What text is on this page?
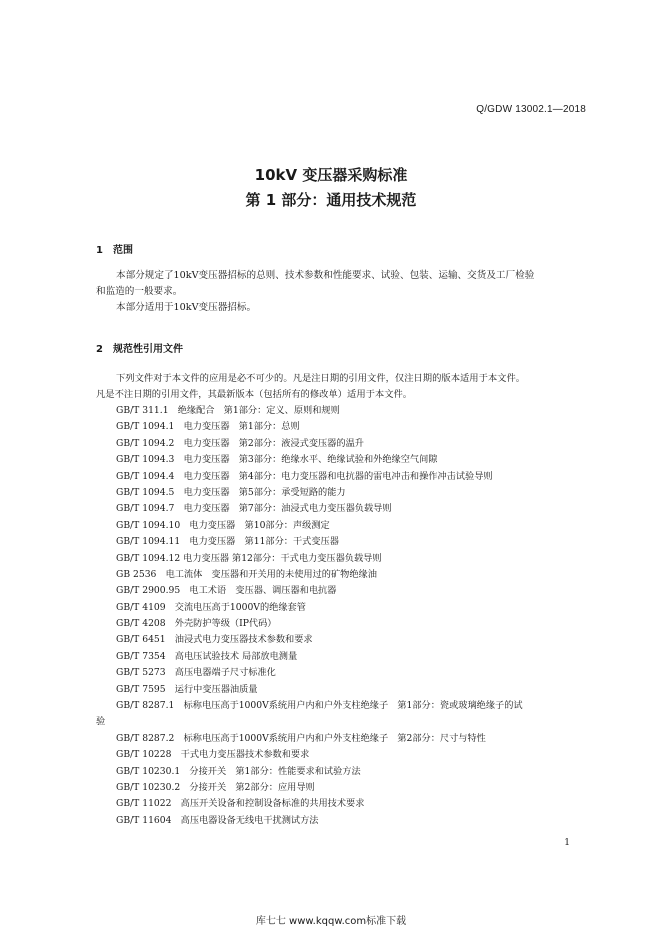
Q/GDW 13002.1—2018
10kV 变压器采购标准
第 1 部分：通用技术规范
1 范围
本部分规定了10kV变压器招标的总则、技术参数和性能要求、试验、包装、运输、交货及工厂检验
和监造的一般要求。
本部分适用于10kV变压器招标。
2 规范性引用文件
下列文件对于本文件的应用是必不可少的。凡是注日期的引用文件，仅注日期的版本适用于本文件。
凡是不注日期的引用文件，其最新版本（包括所有的修改单）适用于本文件。
GB/T 311.1　绝缘配合　第1部分：定义、原则和规则
GB/T 1094.1　电力变压器　第1部分：总则
GB/T 1094.2　电力变压器　第2部分：液浸式变压器的温升
GB/T 1094.3　电力变压器　第3部分：绝缘水平、绝缘试验和外绝缘空气间隙
GB/T 1094.4　电力变压器　第4部分：电力变压器和电抗器的雷电冲击和操作冲击试验导则
GB/T 1094.5　电力变压器　第5部分：承受短路的能力
GB/T 1094.7　电力变压器　第7部分：油浸式电力变压器负载导则
GB/T 1094.10　电力变压器　第10部分：声级测定
GB/T 1094.11　电力变压器　第11部分：干式变压器
GB/T 1094.12 电力变压器 第12部分：干式电力变压器负载导则
GB 2536　电工流体　变压器和开关用的未使用过的矿物绝缘油
GB/T 2900.95　电工术语　变压器、调压器和电抗器
GB/T 4109　交流电压高于1000V的绝缘套管
GB/T 4208　外壳防护等级（IP代码）
GB/T 6451　油浸式电力变压器技术参数和要求
GB/T 7354　高电压试验技术 局部放电测量
GB/T 5273　高压电器端子尺寸标准化
GB/T 7595　运行中变压器油质量
GB/T 8287.1　标称电压高于1000V系统用户内和户外支柱绝缘子　第1部分：瓷或玻璃绝缘子的试
验
GB/T 8287.2　标称电压高于1000V系统用户内和户外支柱绝缘子　第2部分：尺寸与特性
GB/T 10228　干式电力变压器技术参数和要求
GB/T 10230.1　分接开关　第1部分：性能要求和试验方法
GB/T 10230.2　分接开关　第2部分：应用导则
GB/T 11022　高压开关设备和控制设备标准的共用技术要求
GB/T 11604　高压电器设备无线电干扰测试方法
1
库七七 www.kqqw.com标准下载
